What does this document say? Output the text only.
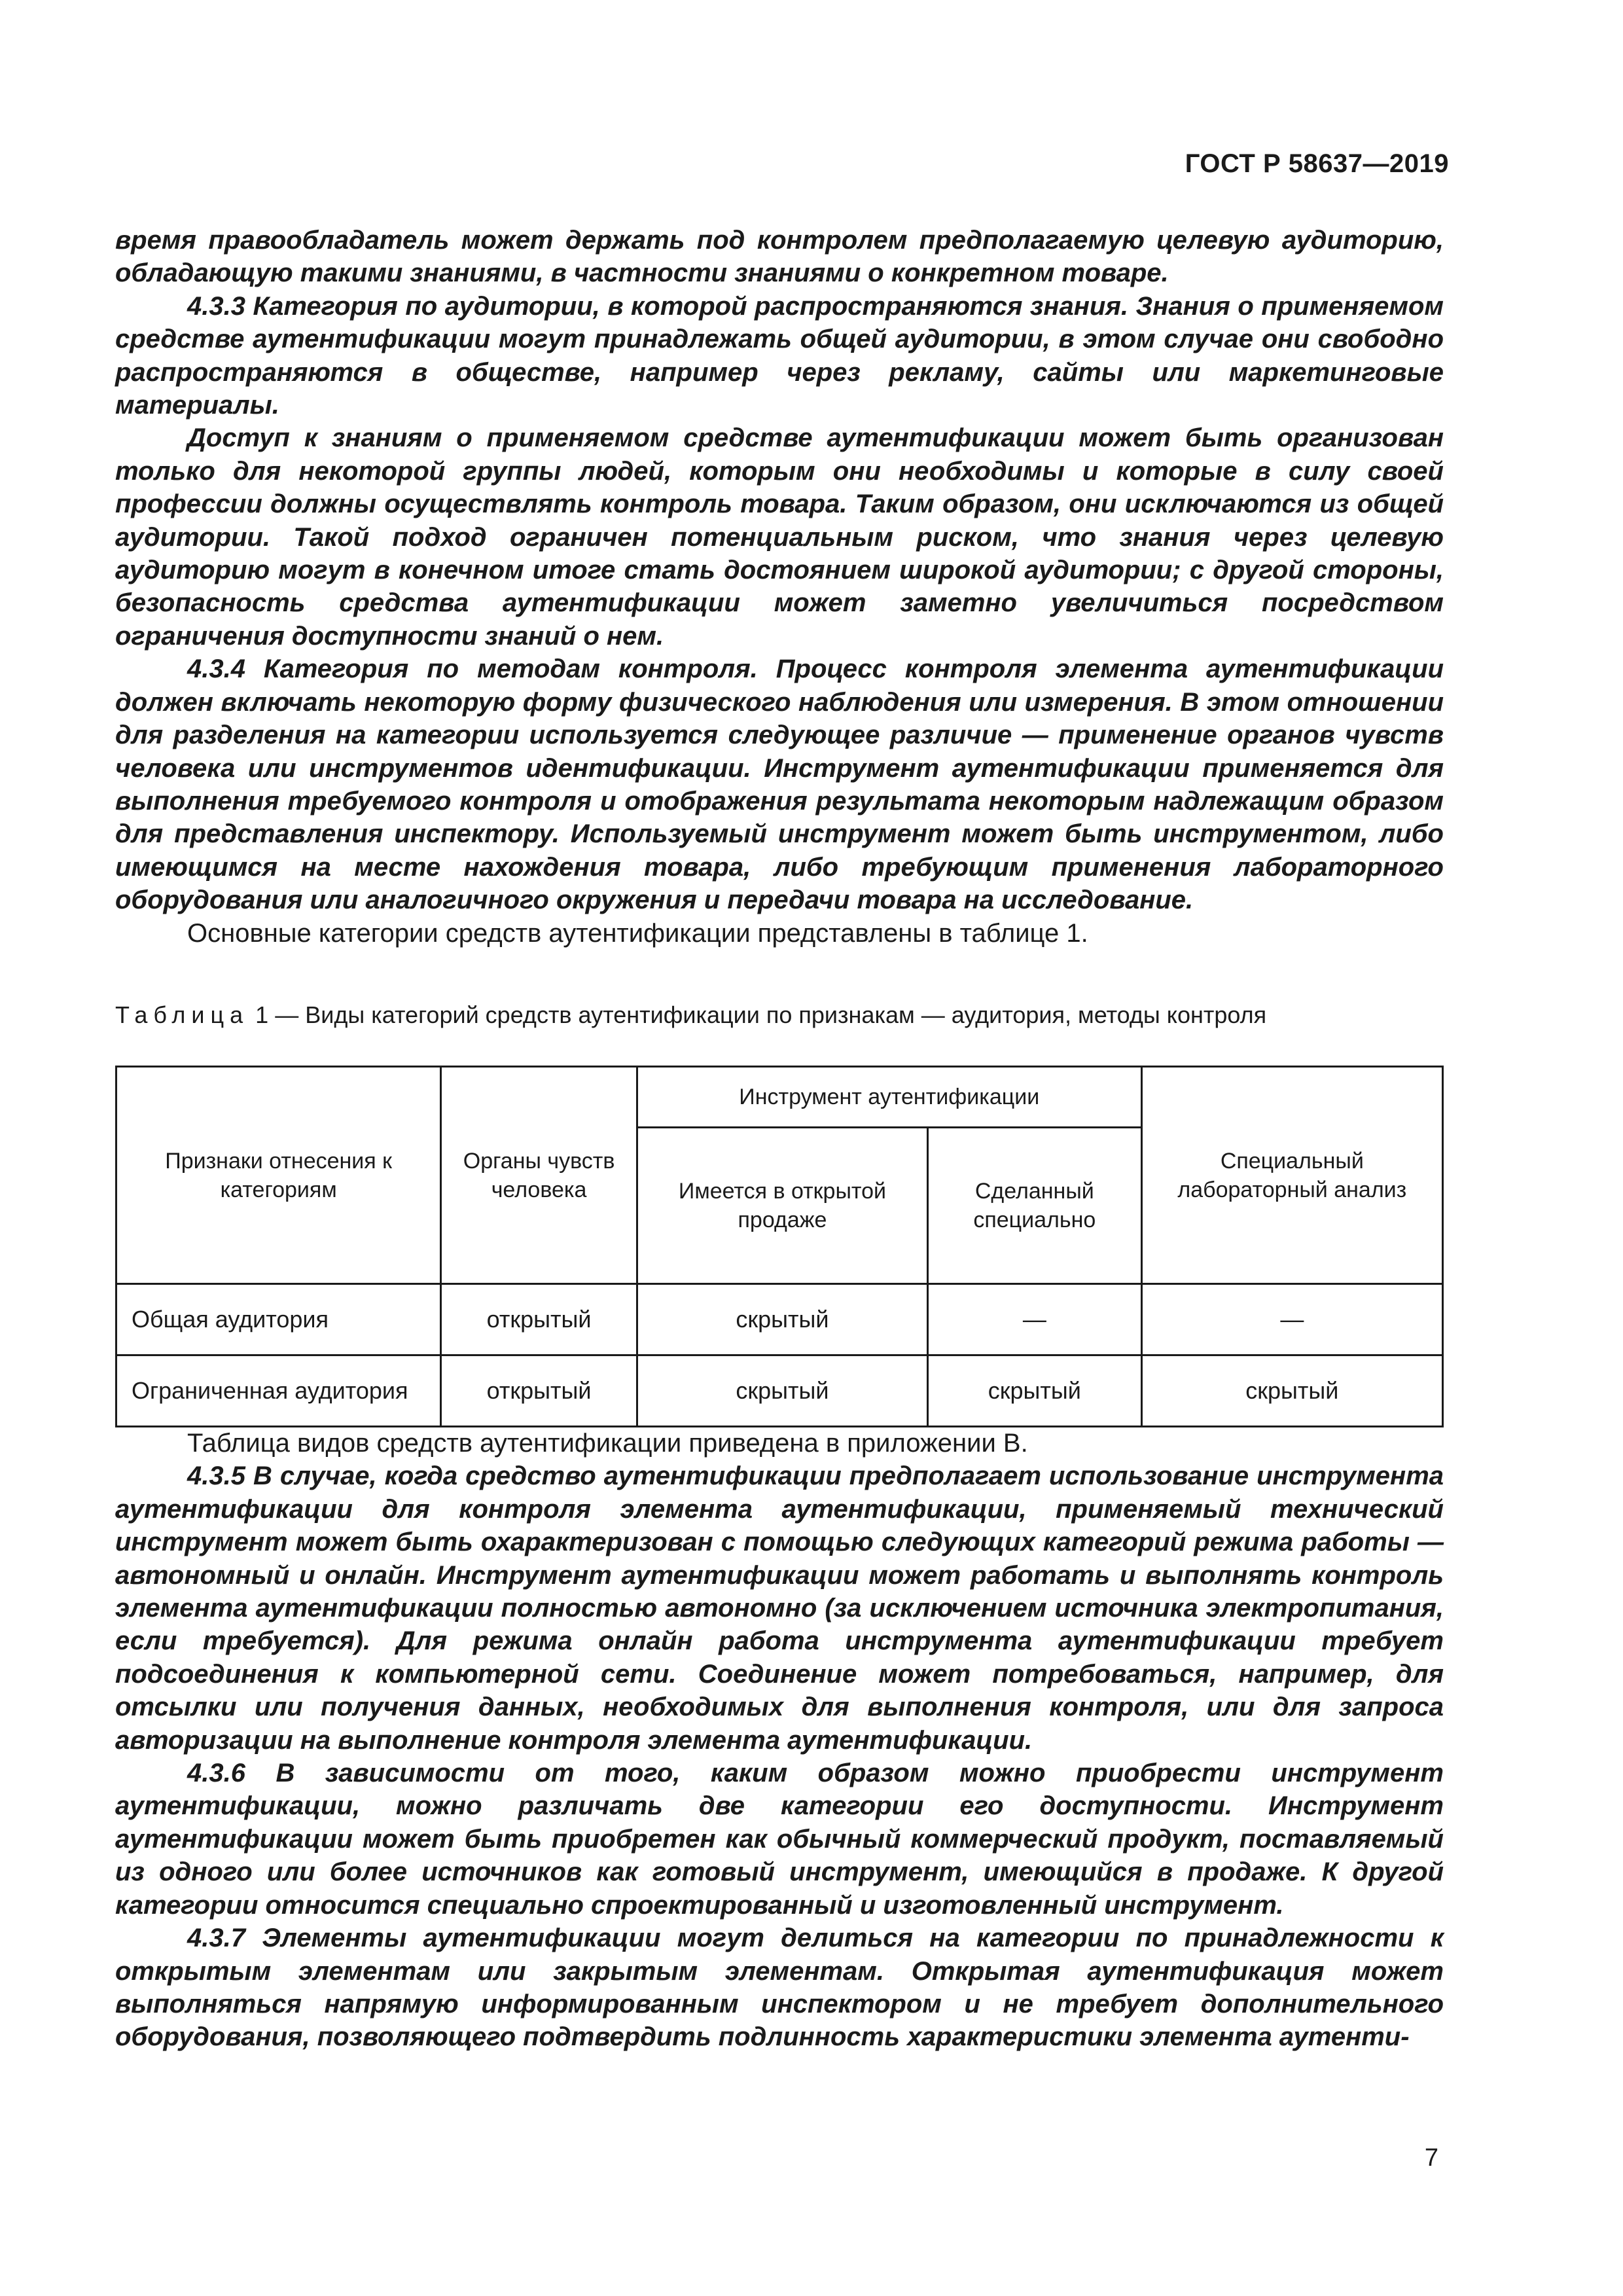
ГОСТ Р 58637—2019

время правообладатель может держать под контролем предполагаемую целевую аудиторию, обладающую такими знаниями, в частности знаниями о конкретном товаре.

4.3.3 Категория по аудитории, в которой распространяются знания. Знания о применяемом средстве аутентификации могут принадлежать общей аудитории, в этом случае они свободно распространяются в обществе, например через рекламу, сайты или маркетинговые материалы.

Доступ к знаниям о применяемом средстве аутентификации может быть организован только для некоторой группы людей, которым они необходимы и которые в силу своей профессии должны осуществлять контроль товара. Таким образом, они исключаются из общей аудитории. Такой подход ограничен потенциальным риском, что знания через целевую аудиторию могут в конечном итоге стать достоянием широкой аудитории; с другой стороны, безопасность средства аутентификации может заметно увеличиться посредством ограничения доступности знаний о нем.

4.3.4 Категория по методам контроля. Процесс контроля элемента аутентификации должен включать некоторую форму физического наблюдения или измерения. В этом отношении для разделения на категории используется следующее различие — применение органов чувств человека или инструментов идентификации. Инструмент аутентификации применяется для выполнения требуемого контроля и отображения результата некоторым надлежащим образом для представления инспектору. Используемый инструмент может быть инструментом, либо имеющимся на месте нахождения товара, либо требующим применения лабораторного оборудования или аналогичного окружения и передачи товара на исследование.

Основные категории средств аутентификации представлены в таблице 1.

Таблица 1 — Виды категорий средств аутентификации по признакам — аудитория, методы контроля
Признаки отнесения к категориям	Органы чувств человека	Инструмент аутентификации		Специальный лабораторный анализ
		Имеется в открытой продаже	Сделанный специально	
Общая аудитория	открытый	скрытый	—	—
Ограниченная аудитория	открытый	скрытый	скрытый	скрытый

Таблица видов средств аутентификации приведена в приложении В.

4.3.5 В случае, когда средство аутентификации предполагает использование инструмента аутентификации для контроля элемента аутентификации, применяемый технический инструмент может быть охарактеризован с помощью следующих категорий режима работы — автономный и онлайн. Инструмент аутентификации может работать и выполнять контроль элемента аутентификации полностью автономно (за исключением источника электропитания, если требуется). Для режима онлайн работа инструмента аутентификации требует подсоединения к компьютерной сети. Соединение может потребоваться, например, для отсылки или получения данных, необходимых для выполнения контроля, или для запроса авторизации на выполнение контроля элемента аутентификации.

4.3.6 В зависимости от того, каким образом можно приобрести инструмент аутентификации, можно различать две категории его доступности. Инструмент аутентификации может быть приобретен как обычный коммерческий продукт, поставляемый из одного или более источников как готовый инструмент, имеющийся в продаже. К другой категории относится специально спроектированный и изготовленный инструмент.

4.3.7 Элементы аутентификации могут делиться на категории по принадлежности к открытым элементам или закрытым элементам. Открытая аутентификация может выполняться напрямую информированным инспектором и не требует дополнительного оборудования, позволяющего подтвердить подлинность характеристики элемента аутенти-

7
